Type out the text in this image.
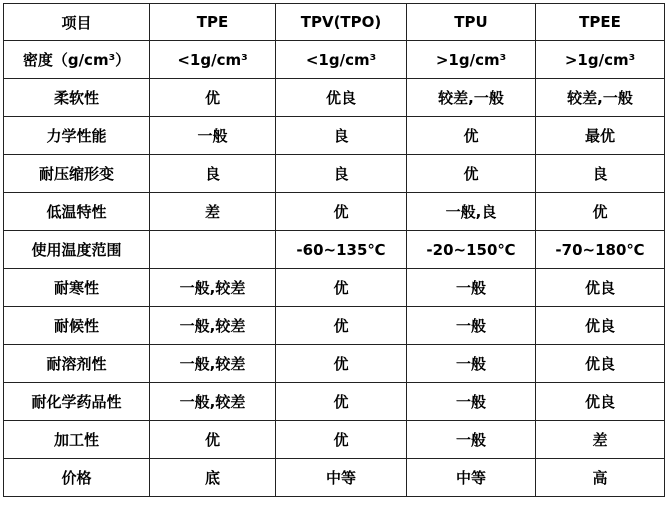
项目	TPE	TPV(TPO)	TPU	TPEE
密度（g/cm³）	<1g/cm³	<1g/cm³	>1g/cm³	>1g/cm³
柔软性	优	优良	较差,一般	较差,一般
力学性能	一般	良	优	最优
耐压缩形变	良	良	优	良
低温特性	差	优	一般,良	优
使用温度范围		-60~135℃	-20~150℃	-70~180℃
耐寒性	一般,较差	优	一般	优良
耐候性	一般,较差	优	一般	优良
耐溶剂性	一般,较差	优	一般	优良
耐化学药品性	一般,较差	优	一般	优良
加工性	优	优	一般	差
价格	底	中等	中等	高
